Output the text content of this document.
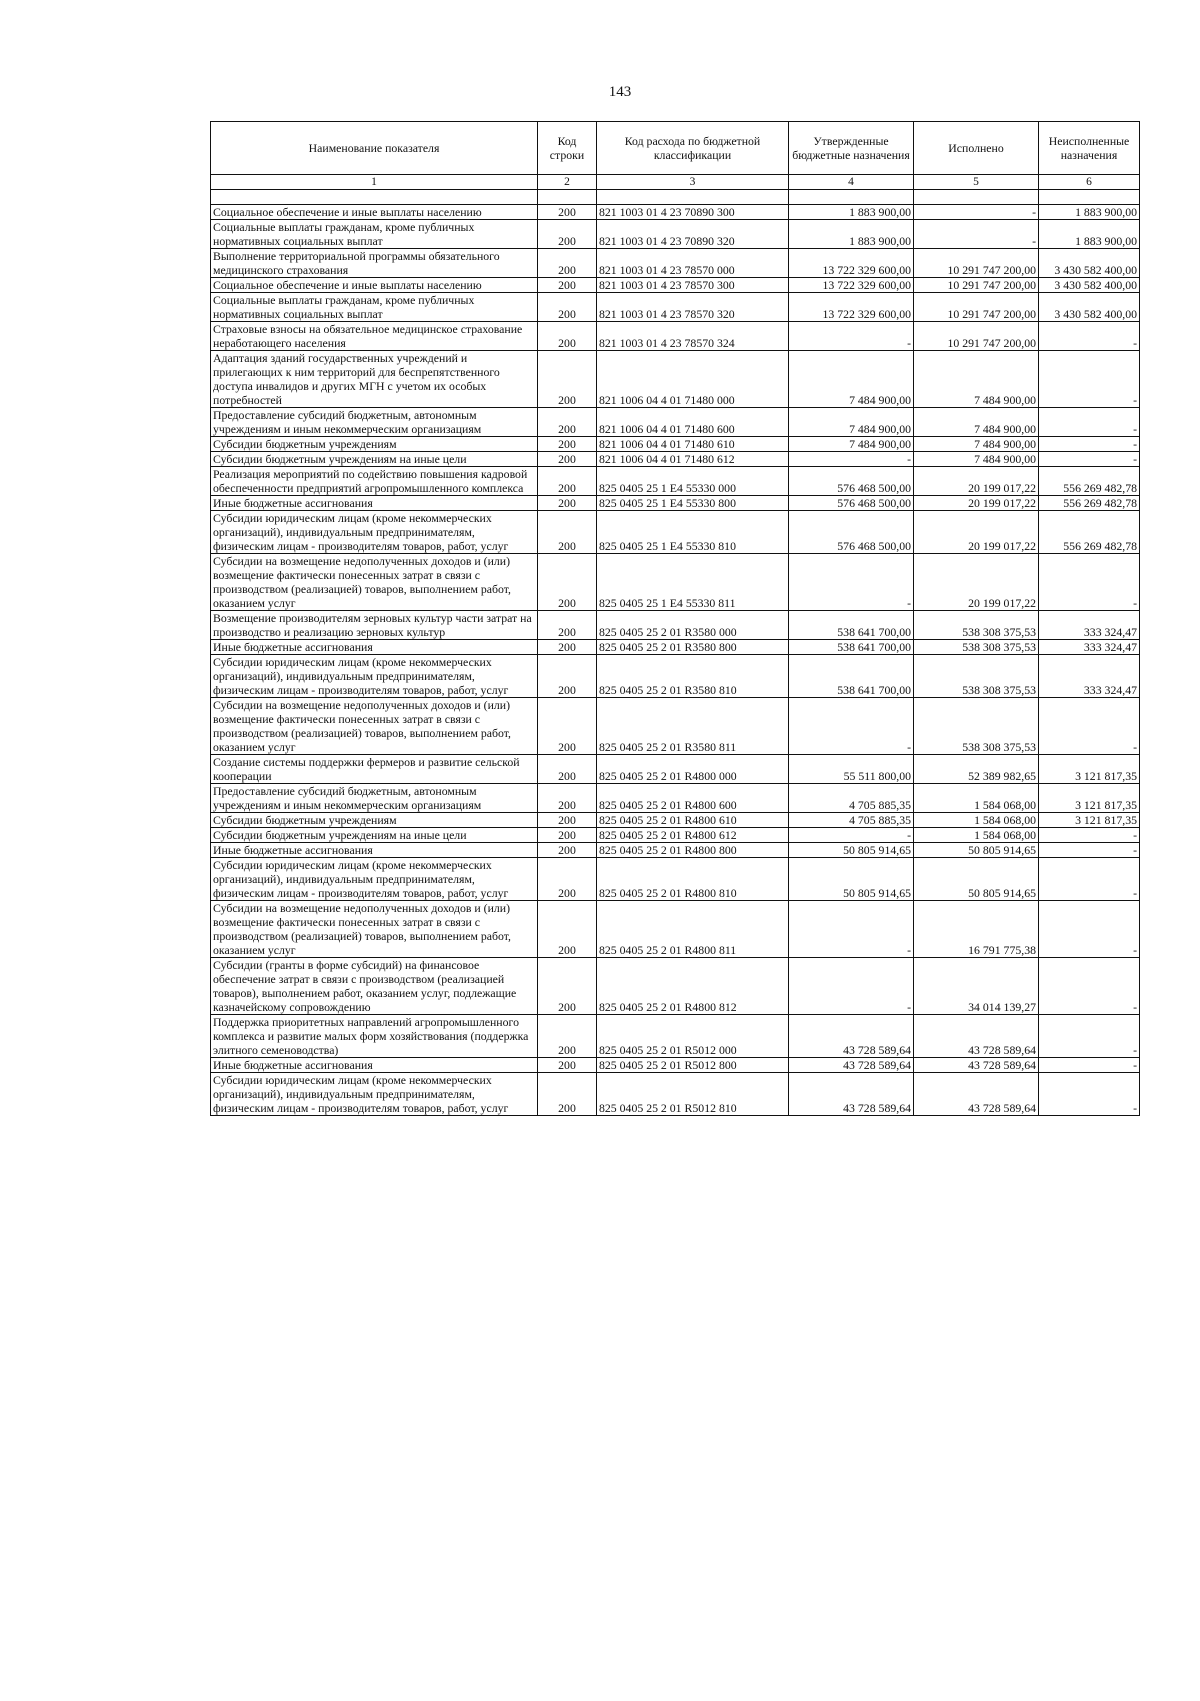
143
Наименование показателя	Код строки	Код расхода по бюджетной классификации	Утвержденные бюджетные назначения	Исполнено	Неисполненные назначения
1	2	3	4	5	6

Социальное обеспечение и иные выплаты населению	200	821 1003 01 4 23 70890 300	1 883 900,00	-	1 883 900,00
Социальные выплаты гражданам, кроме публичных нормативных социальных выплат	200	821 1003 01 4 23 70890 320	1 883 900,00	-	1 883 900,00
Выполнение территориальной программы обязательного медицинского страхования	200	821 1003 01 4 23 78570 000	13 722 329 600,00	10 291 747 200,00	3 430 582 400,00
Социальное обеспечение и иные выплаты населению	200	821 1003 01 4 23 78570 300	13 722 329 600,00	10 291 747 200,00	3 430 582 400,00
Социальные выплаты гражданам, кроме публичных нормативных социальных выплат	200	821 1003 01 4 23 78570 320	13 722 329 600,00	10 291 747 200,00	3 430 582 400,00
Страховые взносы на обязательное медицинское страхование неработающего населения	200	821 1003 01 4 23 78570 324	-	10 291 747 200,00	-
Адаптация зданий государственных учреждений и прилегающих к ним территорий для беспрепятственного доступа инвалидов и других МГН с учетом их особых потребностей	200	821 1006 04 4 01 71480 000	7 484 900,00	7 484 900,00	-
Предоставление субсидий бюджетным, автономным учреждениям и иным некоммерческим организациям	200	821 1006 04 4 01 71480 600	7 484 900,00	7 484 900,00	-
Субсидии бюджетным учреждениям	200	821 1006 04 4 01 71480 610	7 484 900,00	7 484 900,00	-
Субсидии бюджетным учреждениям на иные цели	200	821 1006 04 4 01 71480 612	-	7 484 900,00	-
Реализация мероприятий по содействию повышения кадровой обеспеченности предприятий агропромышленного комплекса	200	825 0405 25 1 Е4 55330 000	576 468 500,00	20 199 017,22	556 269 482,78
Иные бюджетные ассигнования	200	825 0405 25 1 Е4 55330 800	576 468 500,00	20 199 017,22	556 269 482,78
Субсидии юридическим лицам (кроме некоммерческих организаций), индивидуальным предпринимателям, физическим лицам - производителям товаров, работ, услуг	200	825 0405 25 1 Е4 55330 810	576 468 500,00	20 199 017,22	556 269 482,78
Субсидии на возмещение недополученных доходов и (или) возмещение фактически понесенных затрат в связи с производством (реализацией) товаров, выполнением работ, оказанием услуг	200	825 0405 25 1 Е4 55330 811	-	20 199 017,22	-
Возмещение производителям зерновых культур части затрат на производство и реализацию зерновых культур	200	825 0405 25 2 01 R3580 000	538 641 700,00	538 308 375,53	333 324,47
Иные бюджетные ассигнования	200	825 0405 25 2 01 R3580 800	538 641 700,00	538 308 375,53	333 324,47
Субсидии юридическим лицам (кроме некоммерческих организаций), индивидуальным предпринимателям, физическим лицам - производителям товаров, работ, услуг	200	825 0405 25 2 01 R3580 810	538 641 700,00	538 308 375,53	333 324,47
Субсидии на возмещение недополученных доходов и (или) возмещение фактически понесенных затрат в связи с производством (реализацией) товаров, выполнением работ, оказанием услуг	200	825 0405 25 2 01 R3580 811	-	538 308 375,53	-
Создание системы поддержки фермеров и развитие сельской кооперации	200	825 0405 25 2 01 R4800 000	55 511 800,00	52 389 982,65	3 121 817,35
Предоставление субсидий бюджетным, автономным учреждениям и иным некоммерческим организациям	200	825 0405 25 2 01 R4800 600	4 705 885,35	1 584 068,00	3 121 817,35
Субсидии бюджетным учреждениям	200	825 0405 25 2 01 R4800 610	4 705 885,35	1 584 068,00	3 121 817,35
Субсидии бюджетным учреждениям на иные цели	200	825 0405 25 2 01 R4800 612	-	1 584 068,00	-
Иные бюджетные ассигнования	200	825 0405 25 2 01 R4800 800	50 805 914,65	50 805 914,65	-
Субсидии юридическим лицам (кроме некоммерческих организаций), индивидуальным предпринимателям, физическим лицам - производителям товаров, работ, услуг	200	825 0405 25 2 01 R4800 810	50 805 914,65	50 805 914,65	-
Субсидии на возмещение недополученных доходов и (или) возмещение фактически понесенных затрат в связи с производством (реализацией) товаров, выполнением работ, оказанием услуг	200	825 0405 25 2 01 R4800 811	-	16 791 775,38	-
Субсидии (гранты в форме субсидий) на финансовое обеспечение затрат в связи с производством (реализацией товаров), выполнением работ, оказанием услуг, подлежащие казначейскому сопровождению	200	825 0405 25 2 01 R4800 812	-	34 014 139,27	-
Поддержка приоритетных направлений агропромышленного комплекса и развитие малых форм хозяйствования (поддержка элитного семеноводства)	200	825 0405 25 2 01 R5012 000	43 728 589,64	43 728 589,64	-
Иные бюджетные ассигнования	200	825 0405 25 2 01 R5012 800	43 728 589,64	43 728 589,64	-
Субсидии юридическим лицам (кроме некоммерческих организаций), индивидуальным предпринимателям, физическим лицам - производителям товаров, работ, услуг	200	825 0405 25 2 01 R5012 810	43 728 589,64	43 728 589,64	-
